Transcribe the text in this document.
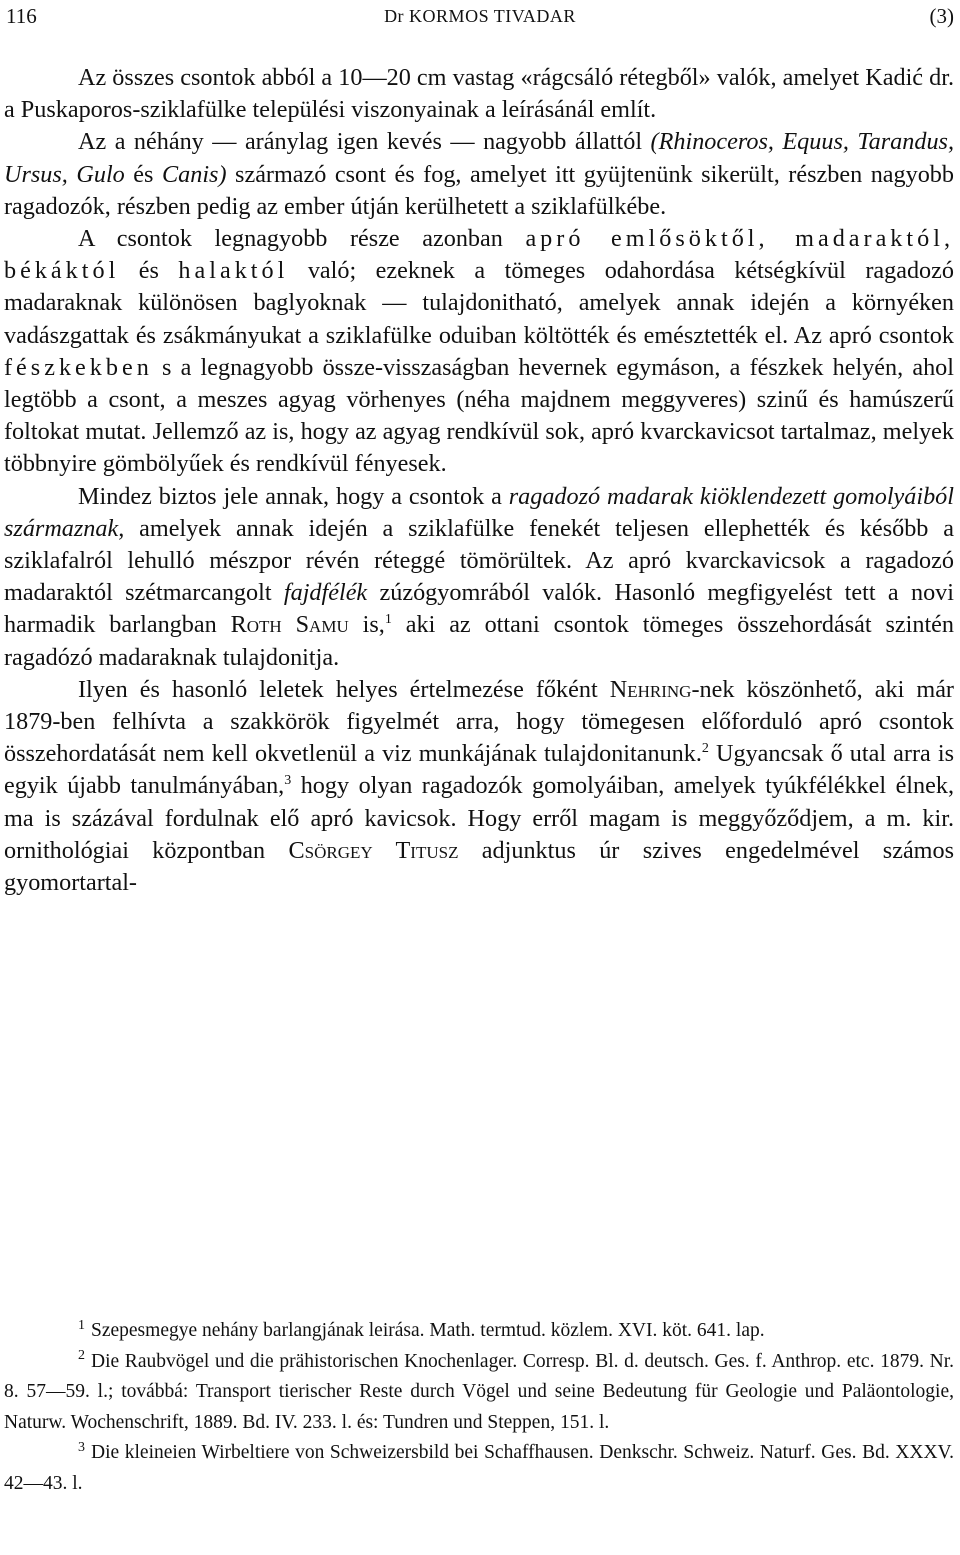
116	Dr KORMOS TIVADAR	(3)

Az összes csontok abból a 10—20 cm vastag «rágcsáló rétegből» valók, amelyet Kadić dr. a Puskaporos-sziklafülke települési viszonyainak a leírásánál említ.

Az a néhány — aránylag igen kevés — nagyobb állattól (Rhinoceros, Equus, Tarandus, Ursus, Gulo és Canis) származó csont és fog, amelyet itt gyüjtenünk sikerült, részben nagyobb ragadozók, részben pedig az ember útján kerülhetett a sziklafülkébe.

A csontok legnagyobb része azonban apró emlősöktől, madaraktól, békáktól és halaktól való; ezeknek a tömeges odahordása kétségkívül ragadozó madaraknak különösen baglyoknak — tulajdonitható, amelyek annak idején a környéken vadászgattak és zsákmányukat a sziklafülke oduiban költötték és emésztették el. Az apró csontok fészkekben s a legnagyobb össze-visszaságban hevernek egymáson, a fészkek helyén, ahol legtöbb a csont, a meszes agyag vörhenyes (néha majdnem meggyveres) szinű és hamúszerű foltokat mutat. Jellemző az is, hogy az agyag rendkívül sok, apró kvarckavicsot tartalmaz, melyek többnyire gömbölyűek és rendkívül fényesek.

Mindez biztos jele annak, hogy a csontok a ragadozó madarak kiöklendezett gomolyáiból származnak, amelyek annak idején a sziklafülke fenekét teljesen ellephették és később a sziklafalról lehulló mészpor révén réteggé tömörültek. Az apró kvarckavicsok a ragadozó madaraktól szétmarcangolt fajdfélék zúzógyomrából valók. Hasonló megfigyelést tett a novi harmadik barlangban Roth Samu is,$^1$ aki az ottani csontok tömeges összehordását szintén ragadózó madaraknak tulajdonitja.

Ilyen és hasonló leletek helyes értelmezése főként Nehring-nek köszönhető, aki már 1879-ben felhívta a szakkörök figyelmét arra, hogy tömegesen előforduló apró csontok összehordatását nem kell okvetlenül a viz munkájának tulajdonitanunk.$^2$ Ugyancsak ő utal arra is egyik újabb tanulmányában,$^3$ hogy olyan ragadozók gomolyáiban, amelyek tyúkfélékkel élnek, ma is százával fordulnak elő apró kavicsok. Hogy erről magam is meggyőződjem, a m. kir. ornithológiai központban Csörgey Titusz adjunktus úr szives engedelmével számos gyomortartal-

$^1$ Szepesmegye nehány barlangjának leirása. Math. termtud. közlem. XVI. köt. 641. lap.

$^2$ Die Raubvögel und die prähistorischen Knochenlager. Corresp. Bl. d. deutsch. Ges. f. Anthrop. etc. 1879. Nr. 8. 57—59. l.; továbbá: Transport tierischer Reste durch Vögel und seine Bedeutung für Geologie und Paläontologie, Naturw. Wochenschrift, 1889. Bd. IV. 233. l. és: Tundren und Steppen, 151. l.

$^3$ Die kleineien Wirbeltiere von Schweizersbild bei Schaffhausen. Denkschr. Schweiz. Naturf. Ges. Bd. XXXV. 42—43. l.
